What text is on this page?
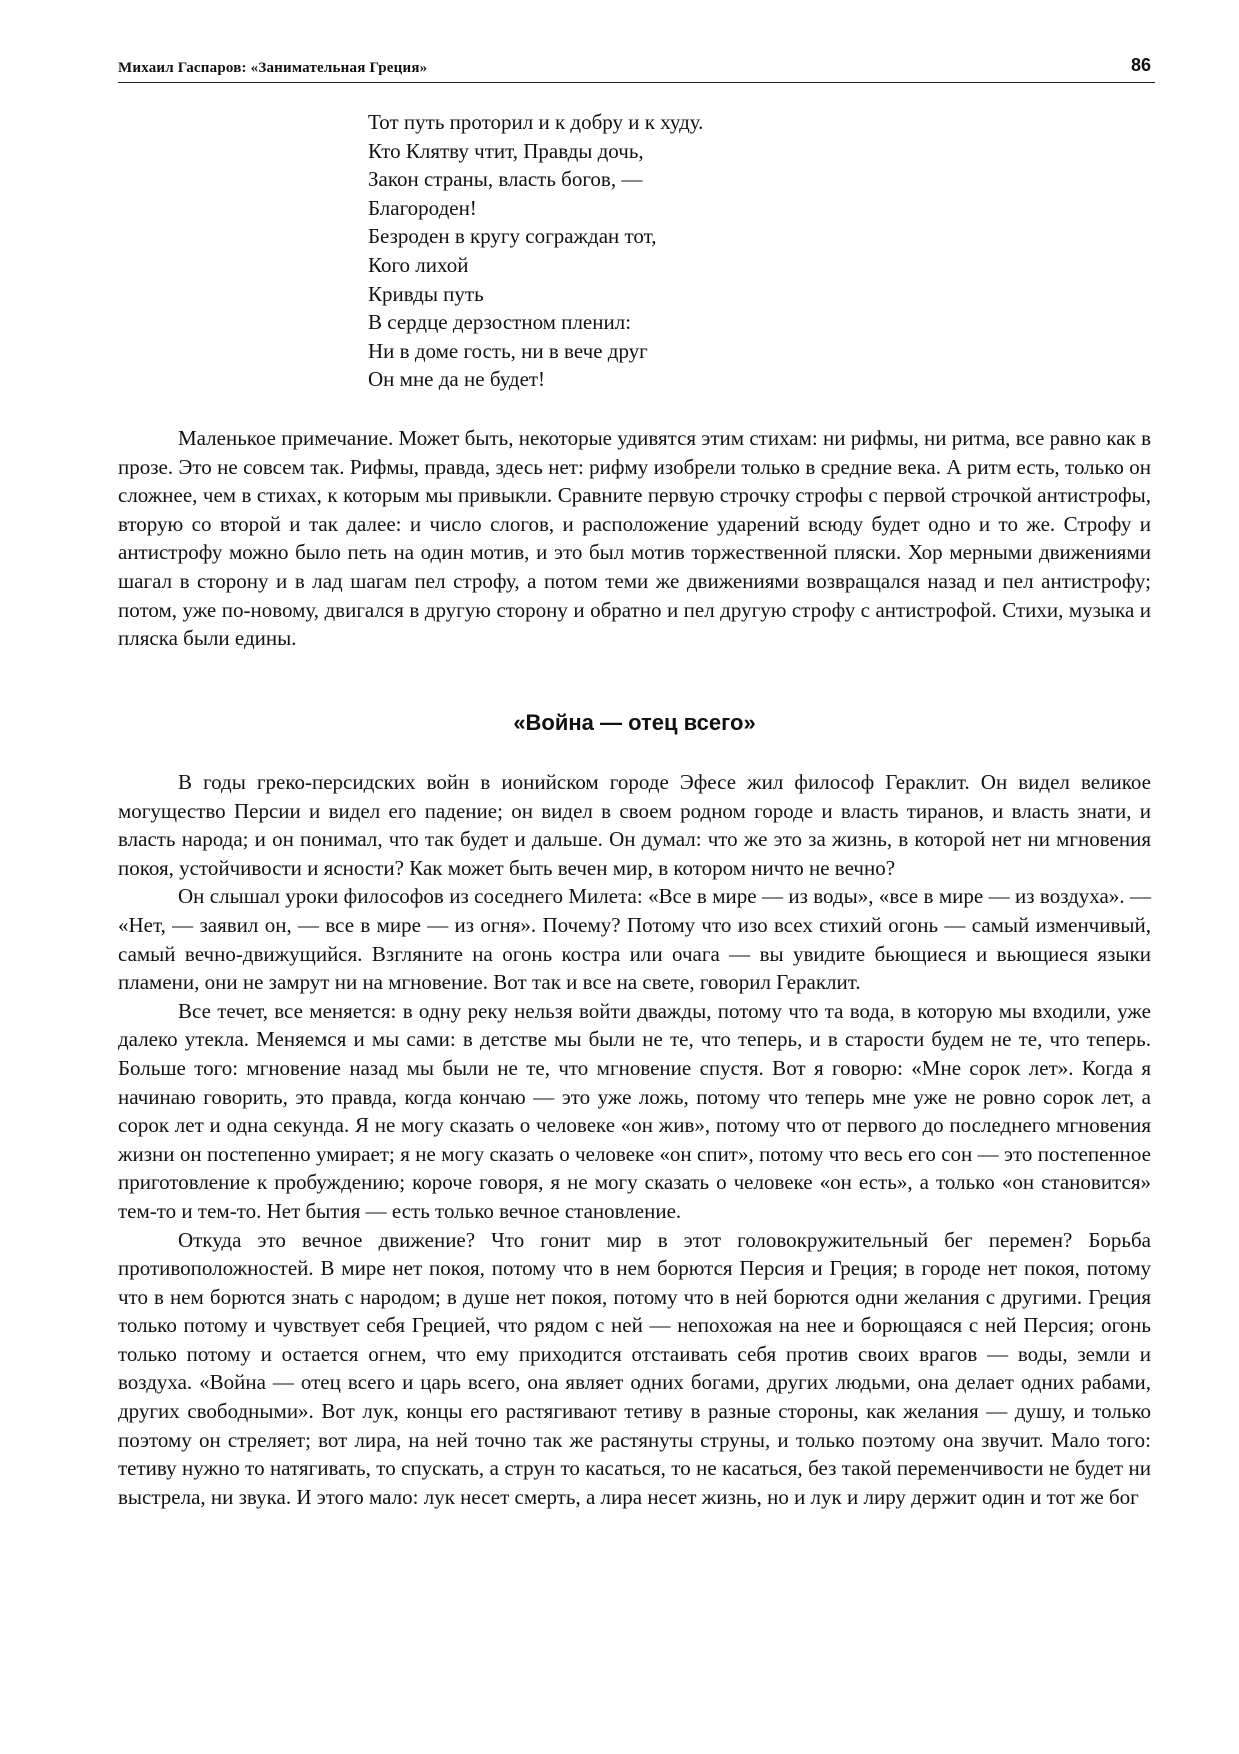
Михаил Гаспаров: «Занимательная Греция»	86
Тот путь проторил и к добру и к худу.
Кто Клятву чтит, Правды дочь,
Закон страны, власть богов, —
Благороден!
Безроден в кругу сограждан тот,
Кого лихой
Кривды путь
В сердце дерзостном пленил:
Ни в доме гость, ни в вече друг
Он мне да не будет!

Маленькое примечание. Может быть, некоторые удивятся этим стихам: ни рифмы, ни ритма, все равно как в прозе. Это не совсем так. Рифмы, правда, здесь нет: рифму изобрели только в средние века. А ритм есть, только он сложнее, чем в стихах, к которым мы привыкли. Сравните первую строчку строфы с первой строчкой антистрофы, вторую со второй и так далее: и число слогов, и расположение ударений всюду будет одно и то же. Строфу и антистрофу можно было петь на один мотив, и это был мотив торжественной пляски. Хор мерными движениями шагал в сторону и в лад шагам пел строфу, а потом теми же движениями возвращался назад и пел антистрофу; потом, уже по-новому, двигался в другую сторону и обратно и пел другую строфу с антистрофой. Стихи, музыка и пляска были едины.

«Война — отец всего»

В годы греко-персидских войн в ионийском городе Эфесе жил философ Гераклит. Он видел великое могущество Персии и видел его падение; он видел в своем родном городе и власть тиранов, и власть знати, и власть народа; и он понимал, что так будет и дальше. Он думал: что же это за жизнь, в которой нет ни мгновения покоя, устойчивости и ясности? Как может быть вечен мир, в котором ничто не вечно?

Он слышал уроки философов из соседнего Милета: «Все в мире — из воды», «все в мире — из воздуха». — «Нет, — заявил он, — все в мире — из огня». Почему? Потому что изо всех стихий огонь — самый изменчивый, самый вечно-движущийся. Взгляните на огонь костра или очага — вы увидите бьющиеся и вьющиеся языки пламени, они не замрут ни на мгновение. Вот так и все на свете, говорил Гераклит.

Все течет, все меняется: в одну реку нельзя войти дважды, потому что та вода, в которую мы входили, уже далеко утекла. Меняемся и мы сами: в детстве мы были не те, что теперь, и в старости будем не те, что теперь. Больше того: мгновение назад мы были не те, что мгновение спустя. Вот я говорю: «Мне сорок лет». Когда я начинаю говорить, это правда, когда кончаю — это уже ложь, потому что теперь мне уже не ровно сорок лет, а сорок лет и одна секунда. Я не могу сказать о человеке «он жив», потому что от первого до последнего мгновения жизни он постепенно умирает; я не могу сказать о человеке «он спит», потому что весь его сон — это постепенное приготовление к пробуждению; короче говоря, я не могу сказать о человеке «он есть», а только «он становится» тем-то и тем-то. Нет бытия — есть только вечное становление.

Откуда это вечное движение? Что гонит мир в этот головокружительный бег перемен? Борьба противоположностей. В мире нет покоя, потому что в нем борются Персия и Греция; в городе нет покоя, потому что в нем борются знать с народом; в душе нет покоя, потому что в ней борются одни желания с другими. Греция только потому и чувствует себя Грецией, что рядом с ней — непохожая на нее и борющаяся с ней Персия; огонь только потому и остается огнем, что ему приходится отстаивать себя против своих врагов — воды, земли и воздуха. «Война — отец всего и царь всего, она являет одних богами, других людьми, она делает одних рабами, других свободными». Вот лук, концы его растягивают тетиву в разные стороны, как желания — душу, и только поэтому он стреляет; вот лира, на ней точно так же растянуты струны, и только поэтому она звучит. Мало того: тетиву нужно то натягивать, то спускать, а струн то касаться, то не касаться, без такой переменчивости не будет ни выстрела, ни звука. И этого мало: лук несет смерть, а лира несет жизнь, но и лук и лиру держит один и тот же бог
